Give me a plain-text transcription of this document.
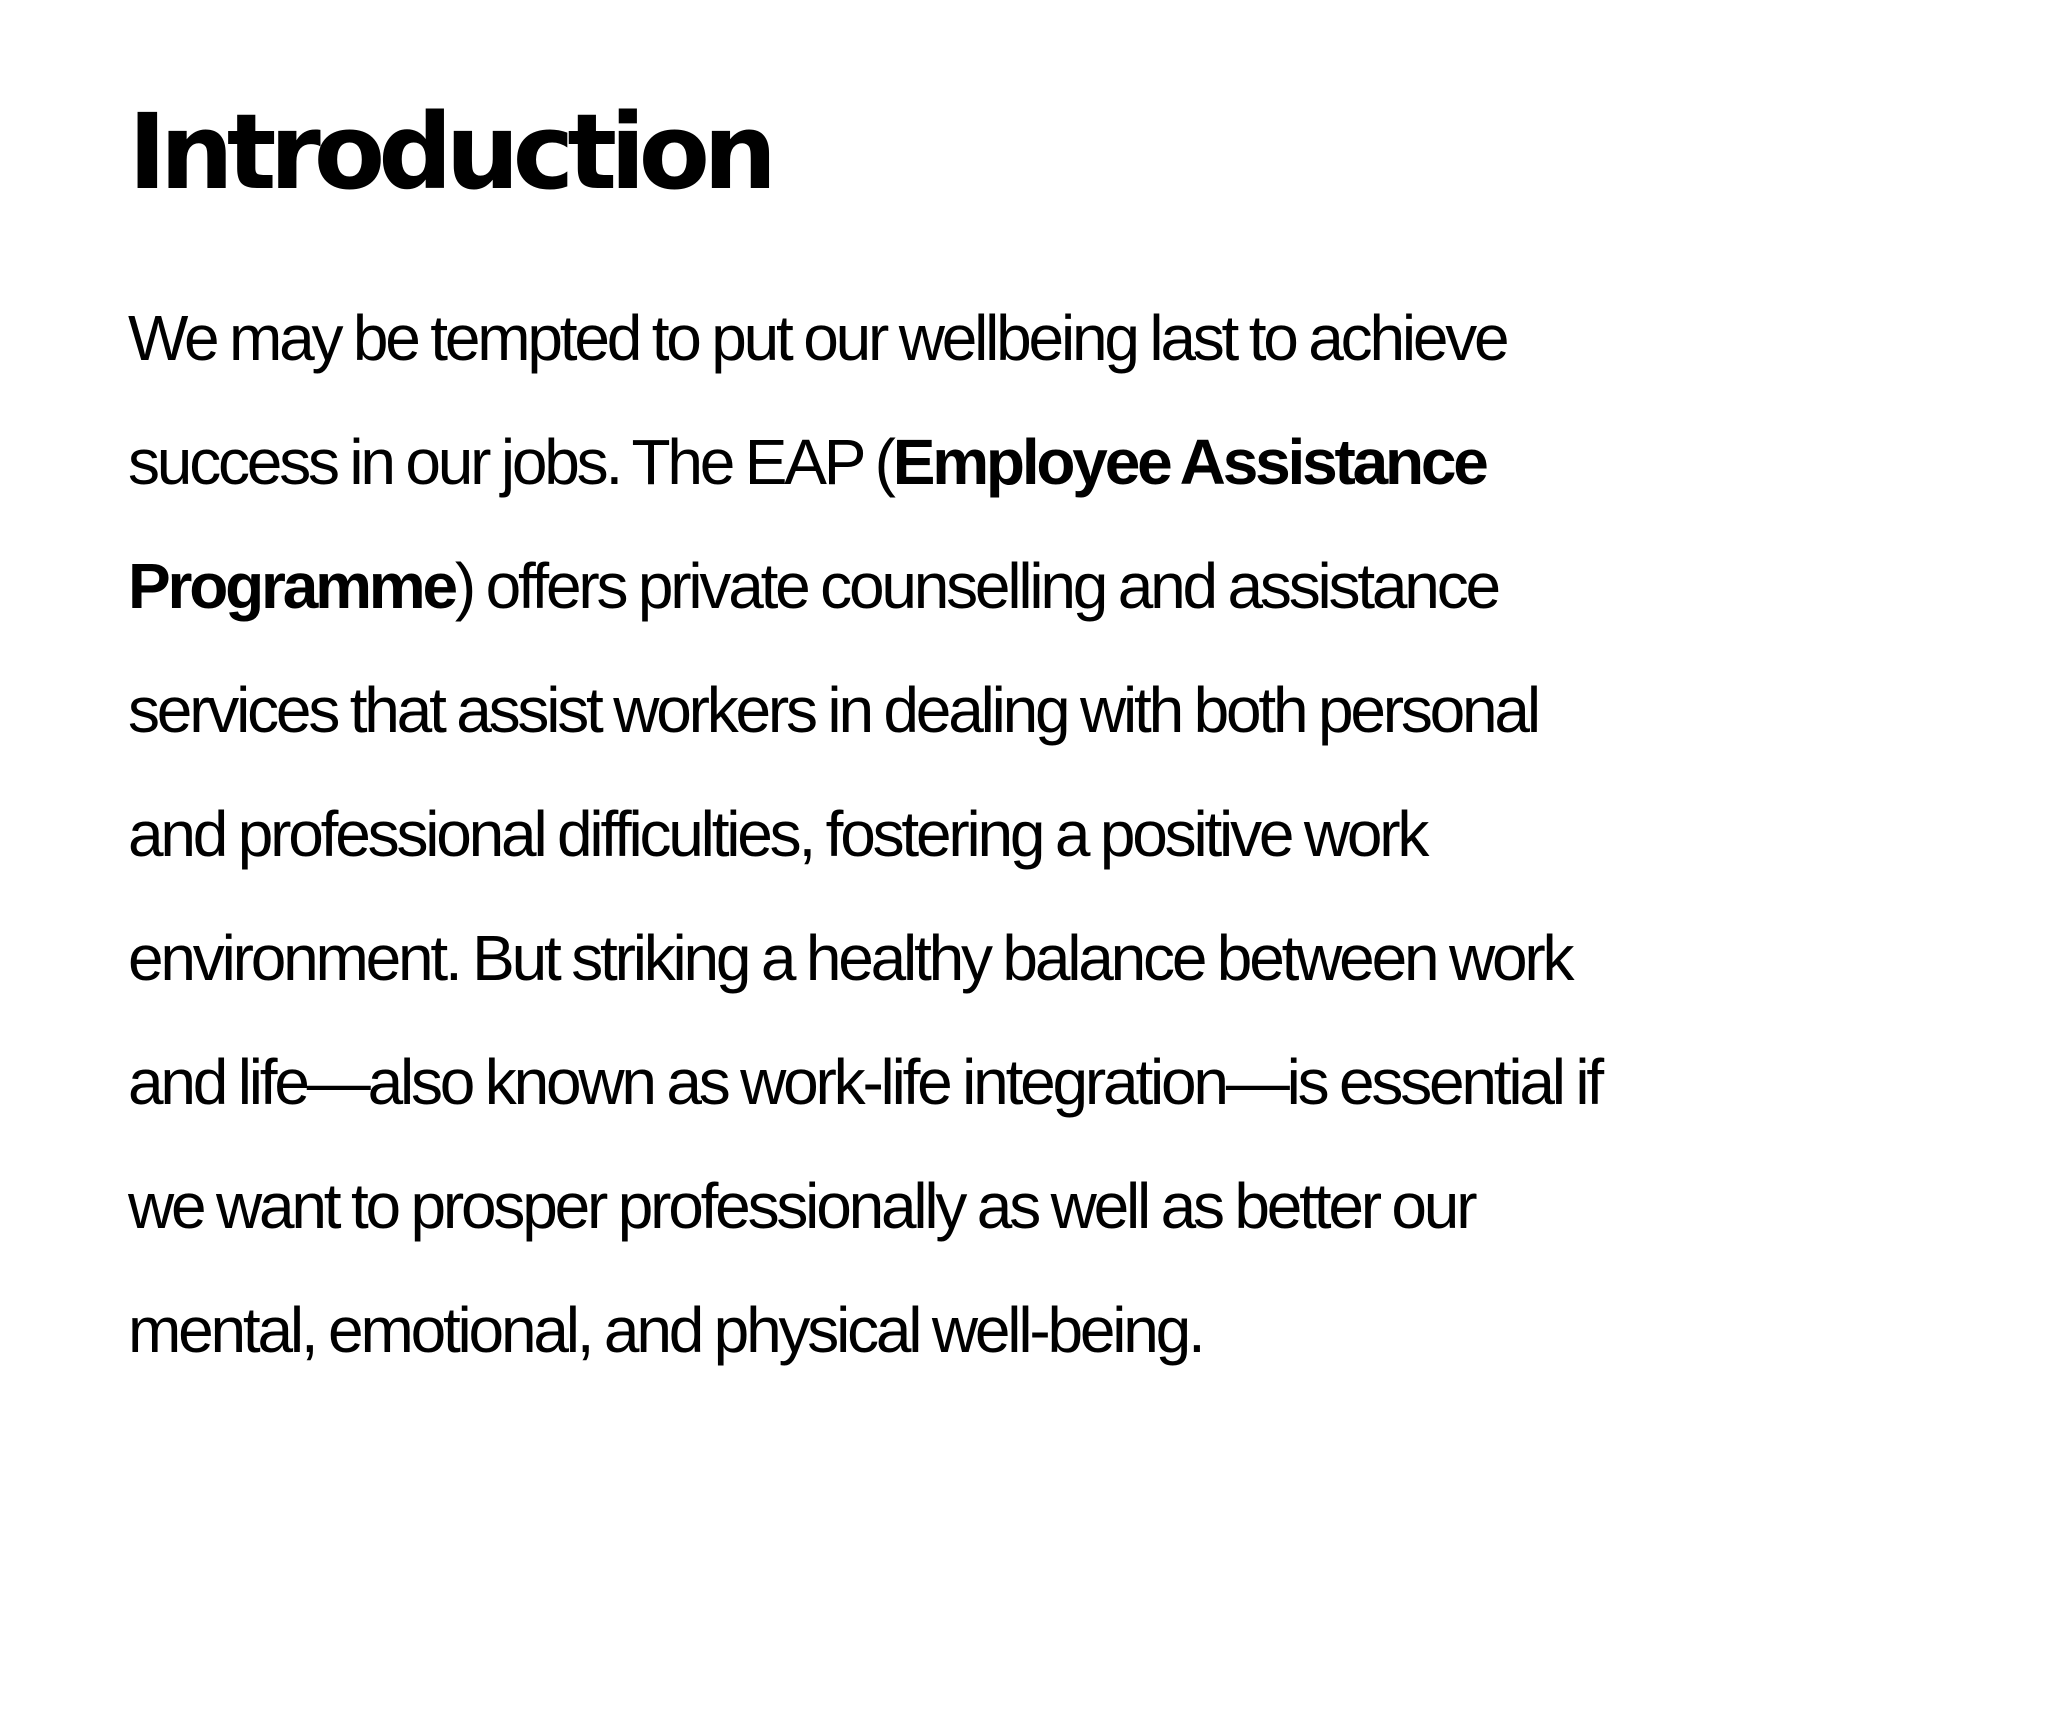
Introduction
We may be tempted to put our wellbeing last to achieve
success in our jobs. The EAP (Employee Assistance
Programme) offers private counselling and assistance
services that assist workers in dealing with both personal
and professional difficulties, fostering a positive work
environment. But striking a healthy balance between work
and life—also known as work-life integration—is essential if
we want to prosper professionally as well as better our
mental, emotional, and physical well-being.
